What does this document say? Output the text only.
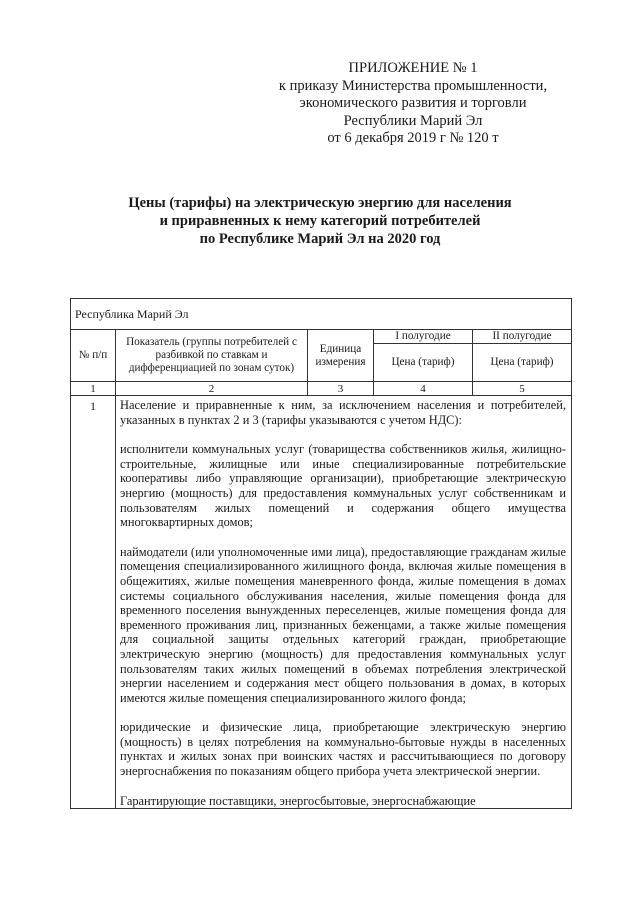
ПРИЛОЖЕНИЕ № 1
к приказу Министерства промышленности,
экономического развития и торговли
Республики Марий Эл
от 6 декабря 2019 г № 120 т
Цены (тарифы) на электрическую энергию для населения
и приравненных к нему категорий потребителей
по Республике Марий Эл на 2020 год
Республика Марий Эл				
№ п/п	Показатель (группы потребителей с разбивкой по ставкам и дифференциацией по зонам суток)	Единица измерения	I полугодие	II полугодие
			Цена (тариф)	Цена (тариф)
1	2	3	4	5
1	Население и приравненные к ним, за исключением населения и потребителей, указанных в пунктах 2 и 3 (тарифы указываются с учетом НДС):

исполнители коммунальных услуг (товарищества собственников жилья, жилищно-строительные, жилищные или иные специализированные потребительские кооперативы либо управляющие организации), приобретающие электрическую энергию (мощность) для предоставления коммунальных услуг собственникам и пользователям жилых помещений и содержания общего имущества многоквартирных домов;

наймодатели (или уполномоченные ими лица), предоставляющие гражданам жилые помещения специализированного жилищного фонда, включая жилые помещения в общежитиях, жилые помещения маневренного фонда, жилые помещения в домах системы социального обслуживания населения, жилые помещения фонда для временного поселения вынужденных переселенцев, жилые помещения фонда для временного проживания лиц, признанных беженцами, а также жилые помещения для социальной защиты отдельных категорий граждан, приобретающие электрическую энергию (мощность) для предоставления коммунальных услуг пользователям таких жилых помещений в объемах потребления электрической энергии населением и содержания мест общего пользования в домах, в которых имеются жилые помещения специализированного жилого фонда;

юридические и физические лица, приобретающие электрическую энергию (мощность) в целях потребления на коммунально-бытовые нужды в населенных пунктах и жилых зонах при воинских частях и рассчитывающиеся по договору энергоснабжения по показаниям общего прибора учета электрической энергии.

Гарантирующие поставщики, энергосбытовые, энергоснабжающие			
